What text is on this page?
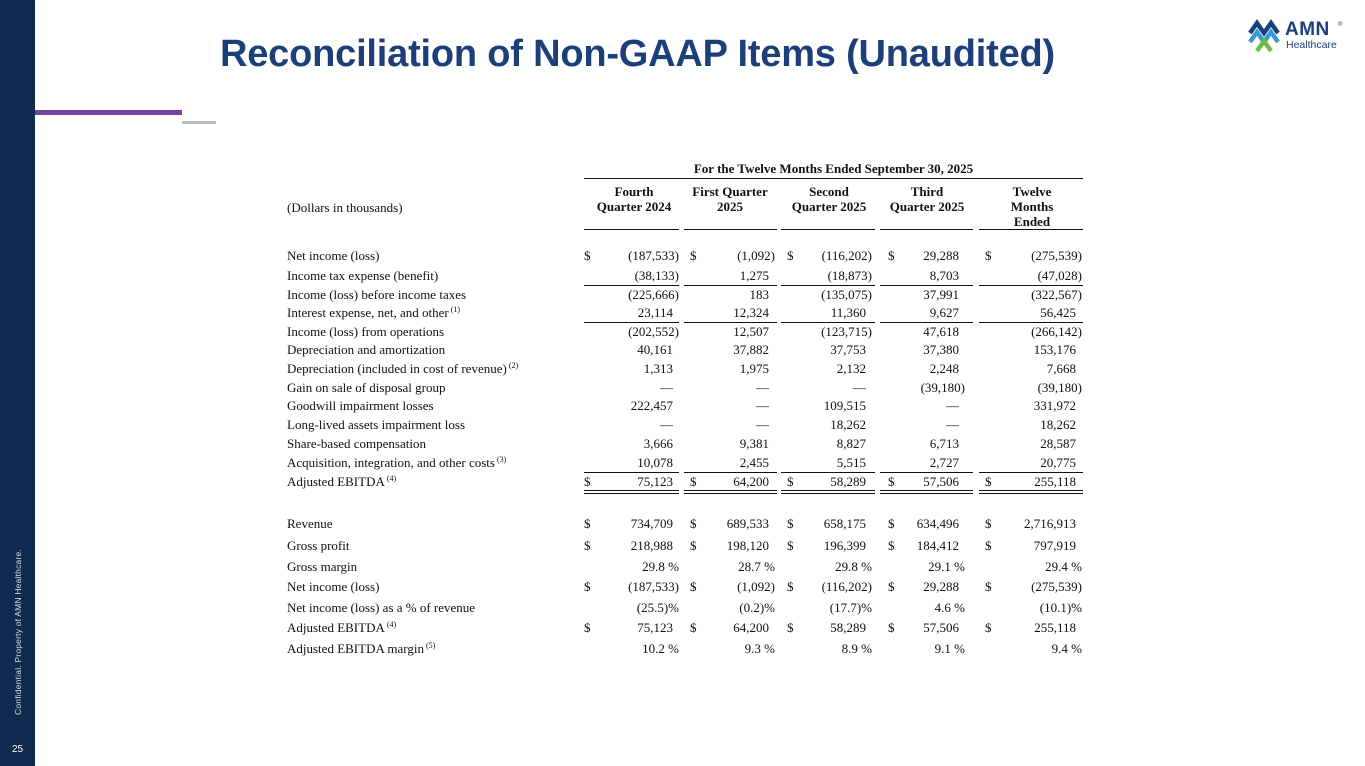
Confidential. Property of AMN Healthcare.
25
Reconciliation of Non-GAAP Items (Unaudited)
AMN ®
Healthcare
For the Twelve Months Ended September 30, 2025
(Dollars in thousands)
Fourth
Quarter 2024
First Quarter
2025
Second
Quarter 2025
Third
Quarter 2025
Twelve
Months
Ended
Net income (loss)	$	(187,533) $	(1,092) $	(116,202) $	29,288 $	(275,539)
Income tax expense (benefit)	(38,133)	1,275	(18,873)	8,703	(47,028)
Income (loss) before income taxes	(225,666)	183	(135,075)	37,991	(322,567)
Interest expense, net, and other $^{(1)}$	23,114	12,324	11,360	9,627	56,425
Income (loss) from operations	(202,552)	12,507	(123,715)	47,618	(266,142)
Depreciation and amortization	40,161	37,882	37,753	37,380	153,176
Depreciation (included in cost of revenue) $^{(2)}$	1,313	1,975	2,132	2,248	7,668
Gain on sale of disposal group	—	—	—	(39,180)	(39,180)
Goodwill impairment losses	222,457	—	109,515	—	331,972
Long-lived assets impairment loss	—	—	18,262	—	18,262
Share-based compensation	3,666	9,381	8,827	6,713	28,587
Acquisition, integration, and other costs $^{(3)}$	10,078	2,455	5,515	2,727	20,775
Adjusted EBITDA $^{(4)}$	$	75,123 $	64,200 $	58,289 $	57,506 $	255,118
Revenue	$	734,709 $	689,533 $	658,175 $	634,496 $	2,716,913
Gross profit	$	218,988 $	198,120 $	196,399 $	184,412 $	797,919
Gross margin	29.8 %	28.7 %	29.8 %	29.1 %	29.4 %
Net income (loss)	$	(187,533) $	(1,092) $	(116,202) $	29,288 $	(275,539)
Net income (loss) as a % of revenue	(25.5)%	(0.2)%	(17.7)%	4.6 %	(10.1)%
Adjusted EBITDA $^{(4)}$	$	75,123 $	64,200 $	58,289 $	57,506 $	255,118
Adjusted EBITDA margin $^{(5)}$	10.2 %	9.3 %	8.9 %	9.1 %	9.4 %
